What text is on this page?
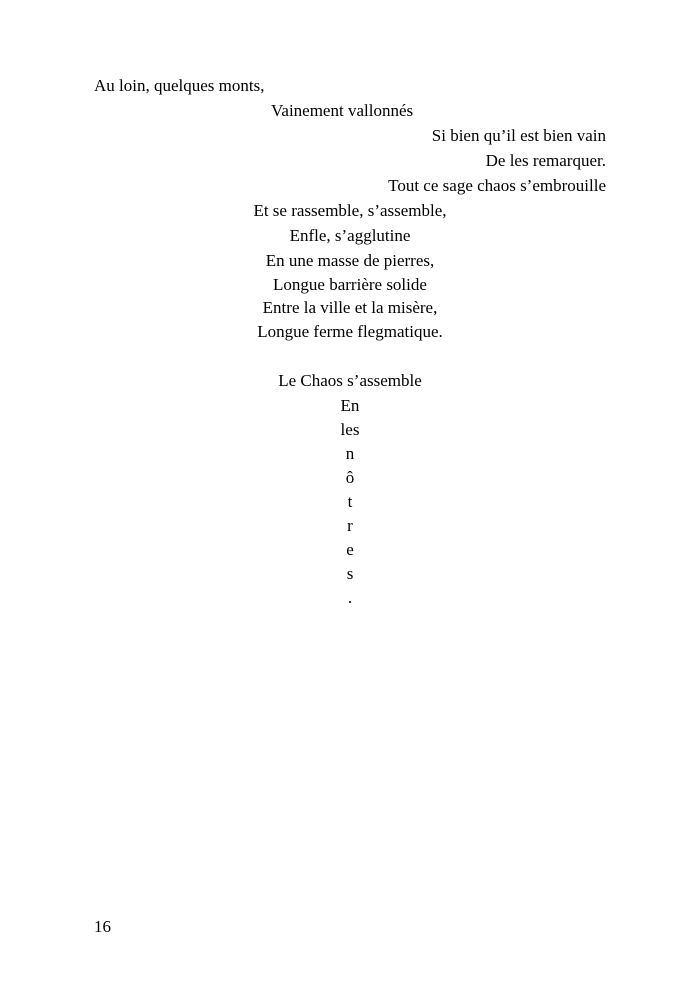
Au loin, quelques monts,
Vainement vallonnés
Si bien qu’il est bien vain
De les remarquer.
Tout ce sage chaos s’embrouille
Et se rassemble, s’assemble,
Enfle, s’agglutine
En une masse de pierres,
Longue barrière solide
Entre la ville et la misère,
Longue ferme flegmatique.
Le Chaos s’assemble
En
les
n
ô
t
r
e
s
.
16
